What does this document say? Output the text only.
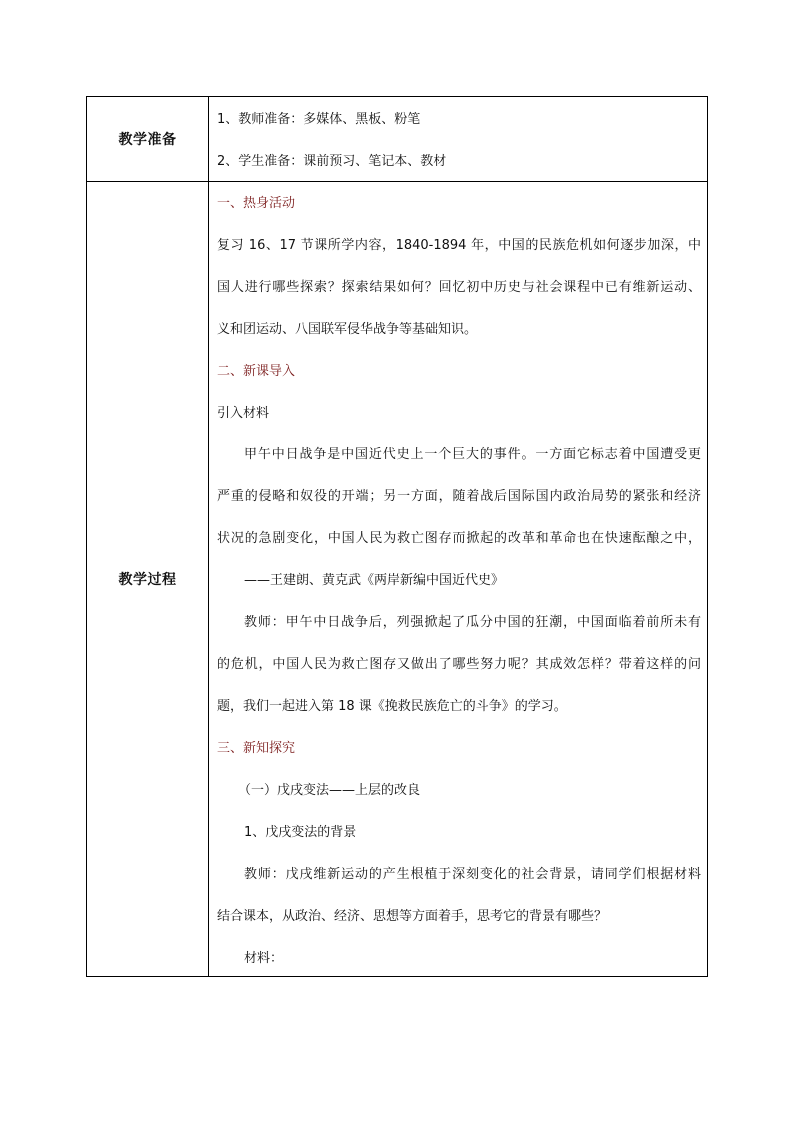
教学准备
1、教师准备：多媒体、黑板、粉笔
2、学生准备：课前预习、笔记本、教材
教学过程
一、热身活动
复习 16、17 节课所学内容，1840-1894 年，中国的民族危机如何逐步加深，中
国人进行哪些探索？探索结果如何？回忆初中历史与社会课程中已有维新运动、
义和团运动、八国联军侵华战争等基础知识。
二、新课导入
引入材料
甲午中日战争是中国近代史上一个巨大的事件。一方面它标志着中国遭受更
严重的侵略和奴役的开端；另一方面，随着战后国际国内政治局势的紧张和经济
状况的急剧变化，中国人民为救亡图存而掀起的改革和革命也在快速酝酿之中，
——王建朗、黄克武《两岸新编中国近代史》
教师：甲午中日战争后，列强掀起了瓜分中国的狂潮，中国面临着前所未有
的危机，中国人民为救亡图存又做出了哪些努力呢？其成效怎样？带着这样的问
题，我们一起进入第 18 课《挽救民族危亡的斗争》的学习。
三、新知探究
（一）戊戌变法——上层的改良
1、戊戌变法的背景
教师：戊戌维新运动的产生根植于深刻变化的社会背景，请同学们根据材料
结合课本，从政治、经济、思想等方面着手，思考它的背景有哪些？
材料：
